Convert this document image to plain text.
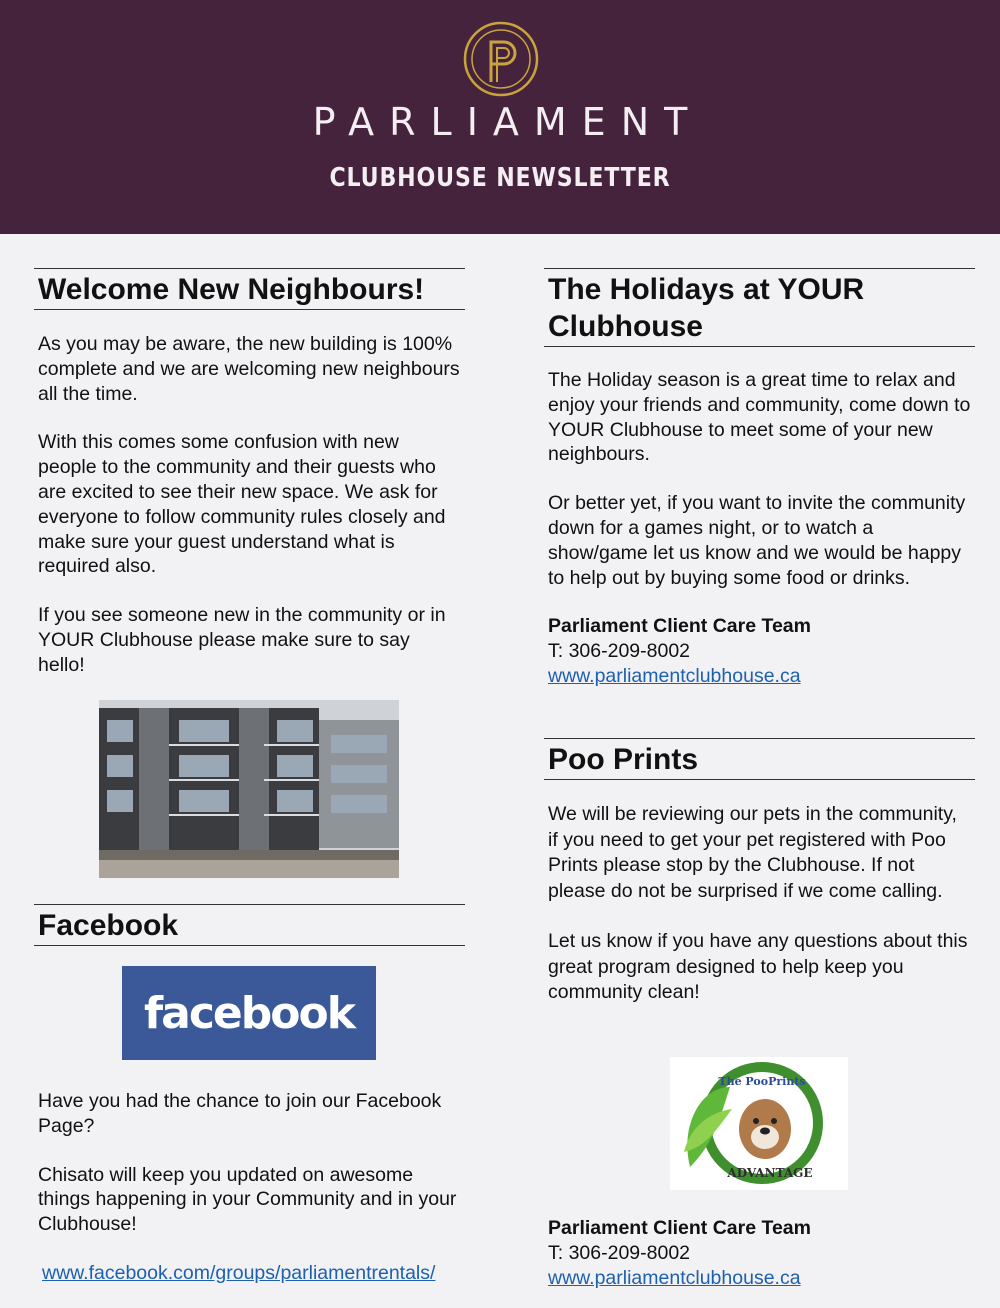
PARLIAMENT
CLUBHOUSE NEWSLETTER
Welcome New Neighbours!

As you may be aware, the new building is 100% complete and we are welcoming new neighbours all the time.

With this comes some confusion with new people to the community and their guests who are excited to see their new space. We ask for everyone to follow community rules closely and make sure your guest understand what is required also.

If you see someone new in the community or in YOUR Clubhouse please make sure to say hello!

Facebook
facebook

Have you had the chance to join our Facebook Page?

Chisato will keep you updated on awesome things happening in your Community and in your Clubhouse!

www.facebook.com/groups/parliamentrentals/
The Holidays at YOUR Clubhouse

The Holiday season is a great time to relax and enjoy your friends and community, come down to YOUR Clubhouse to meet some of your new neighbours.

Or better yet, if you want to invite the community down for a games night, or to watch a show/game let us know and we would be happy to help out by buying some food or drinks.

Parliament Client Care Team

T: 306-209-8002

www.parliamentclubhouse.ca

Poo Prints

We will be reviewing our pets in the community, if you need to get your pet registered with Poo Prints please stop by the Clubhouse. If not please do not be surprised if we come calling.

Let us know if you have any questions about this great program designed to help keep you community clean!

The PooPrints
ADVANTAGE

Parliament Client Care Team

T: 306-209-8002

www.parliamentclubhouse.ca
